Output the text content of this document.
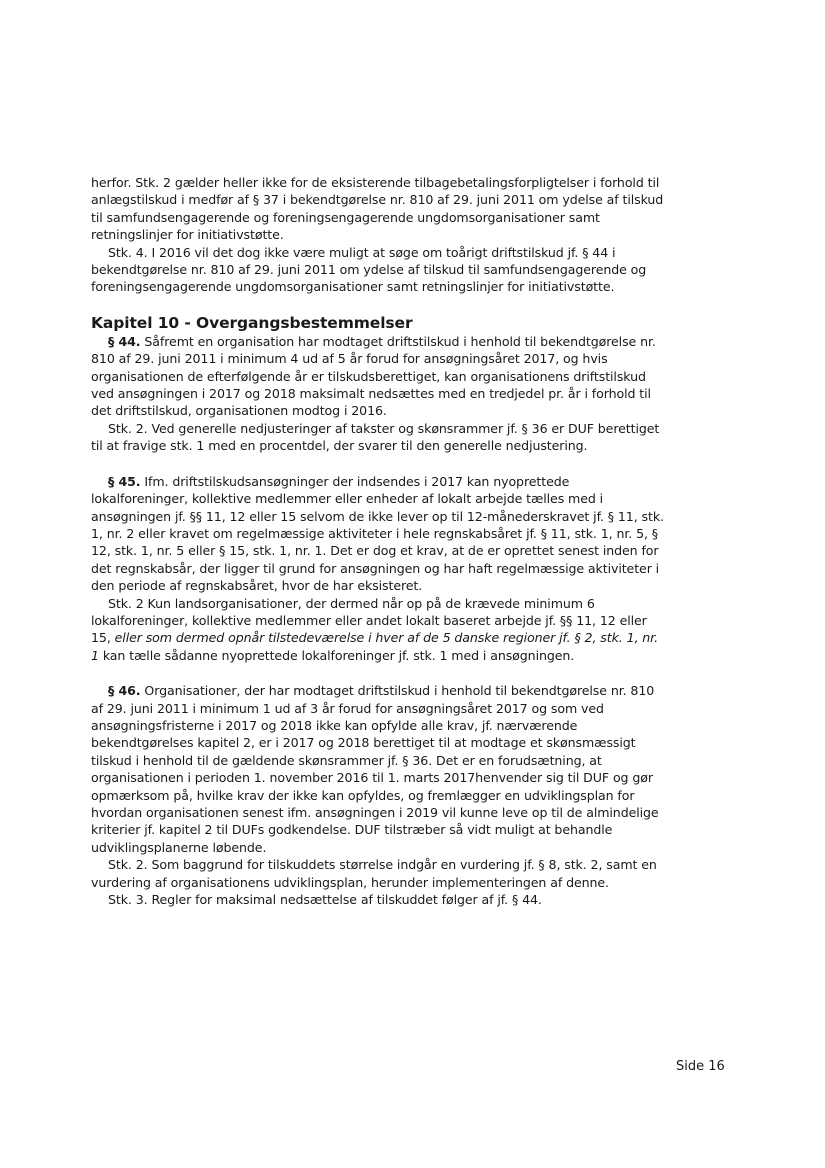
herfor. Stk. 2 gælder heller ikke for de eksisterende tilbagebetalingsforpligtelser i forhold til anlægstilskud i medfør af § 37 i bekendtgørelse nr. 810 af 29. juni 2011 om ydelse af tilskud til samfundsengagerende og foreningsengagerende ungdomsorganisationer samt retningslinjer for initiativstøtte.

Stk. 4. I 2016 vil det dog ikke være muligt at søge om toårigt driftstilskud jf. § 44 i bekendtgørelse nr. 810 af 29. juni 2011 om ydelse af tilskud til samfundsengagerende og foreningsengagerende ungdomsorganisationer samt retningslinjer for initiativstøtte.

Kapitel 10 - Overgangsbestemmelser

§ 44. Såfremt en organisation har modtaget driftstilskud i henhold til bekendtgørelse nr. 810 af 29. juni 2011 i minimum 4 ud af 5 år forud for ansøgningsåret 2017, og hvis organisationen de efterfølgende år er tilskudsberettiget, kan organisationens driftstilskud ved ansøgningen i 2017 og 2018 maksimalt nedsættes med en tredjedel pr. år i forhold til det driftstilskud, organisationen modtog i 2016.

Stk. 2. Ved generelle nedjusteringer af takster og skønsrammer jf. § 36 er DUF berettiget til at fravige stk. 1 med en procentdel, der svarer til den generelle nedjustering.

§ 45. Ifm. driftstilskudsansøgninger der indsendes i 2017 kan nyoprettede lokalforeninger, kollektive medlemmer eller enheder af lokalt arbejde tælles med i ansøgningen jf. §§ 11, 12 eller 15 selvom de ikke lever op til 12-månederskravet jf. § 11, stk. 1, nr. 2 eller kravet om regelmæssige aktiviteter i hele regnskabsåret jf. § 11, stk. 1, nr. 5, § 12, stk. 1, nr. 5 eller § 15, stk. 1, nr. 1. Det er dog et krav, at de er oprettet senest inden for det regnskabsår, der ligger til grund for ansøgningen og har haft regelmæssige aktiviteter i den periode af regnskabsåret, hvor de har eksisteret.

Stk. 2 Kun landsorganisationer, der dermed når op på de krævede minimum 6 lokalforeninger, kollektive medlemmer eller andet lokalt baseret arbejde jf. §§ 11, 12 eller 15, eller som dermed opnår tilstedeværelse i hver af de 5 danske regioner jf. § 2, stk. 1, nr. 1 kan tælle sådanne nyoprettede lokalforeninger jf. stk. 1 med i ansøgningen.

§ 46. Organisationer, der har modtaget driftstilskud i henhold til bekendtgørelse nr. 810 af 29. juni 2011 i minimum 1 ud af 3 år forud for ansøgningsåret 2017 og som ved ansøgningsfristerne i 2017 og 2018 ikke kan opfylde alle krav, jf. nærværende bekendtgørelses kapitel 2, er i 2017 og 2018 berettiget til at modtage et skønsmæssigt tilskud i henhold til de gældende skønsrammer jf. § 36. Det er en forudsætning, at organisationen i perioden 1. november 2016 til 1. marts 2017henvender sig til DUF og gør opmærksom på, hvilke krav der ikke kan opfyldes, og fremlægger en udviklingsplan for hvordan organisationen senest ifm. ansøgningen i 2019 vil kunne leve op til de almindelige kriterier jf. kapitel 2 til DUFs godkendelse. DUF tilstræber så vidt muligt at behandle udviklingsplanerne løbende.

Stk. 2. Som baggrund for tilskuddets størrelse indgår en vurdering jf. § 8, stk. 2, samt en vurdering af organisationens udviklingsplan, herunder implementeringen af denne.

Stk. 3. Regler for maksimal nedsættelse af tilskuddet følger af jf. § 44.

Side 16
